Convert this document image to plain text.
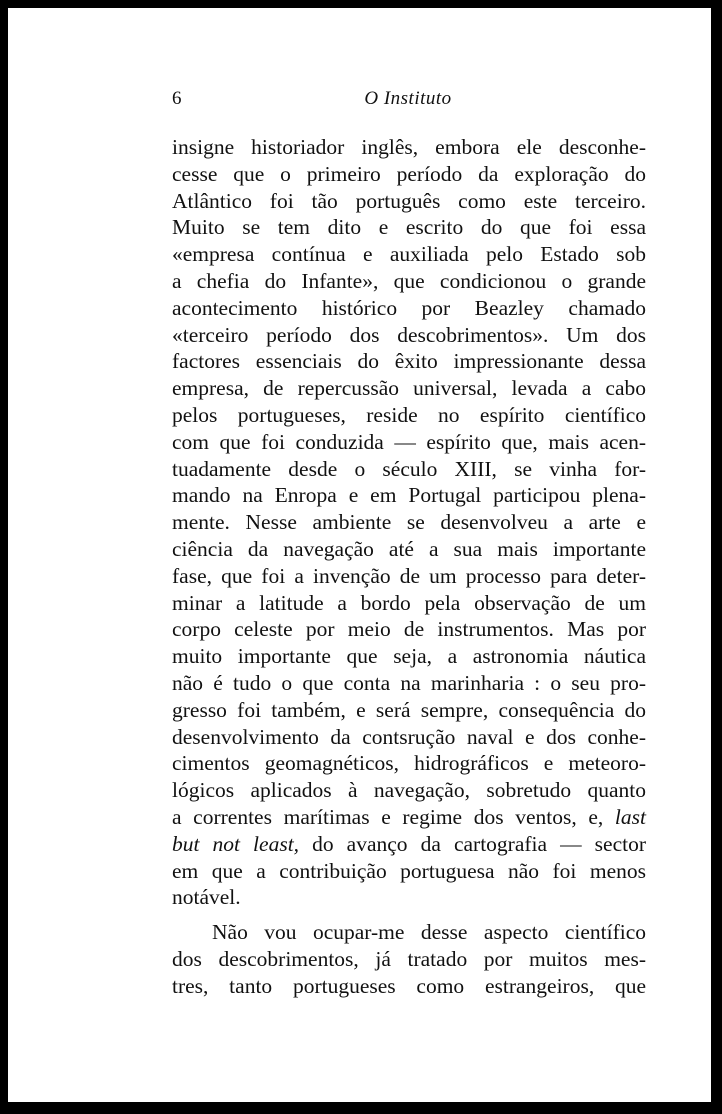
6	O Instituto
insigne historiador inglês, embora ele desconhe-
cesse que o primeiro período da exploração do
Atlântico foi tão português como este terceiro.
Muito se tem dito e escrito do que foi essa
«empresa contínua e auxiliada pelo Estado sob
a chefia do Infante», que condicionou o grande
acontecimento histórico por Beazley chamado
«terceiro período dos descobrimentos». Um dos
factores essenciais do êxito impressionante dessa
empresa, de repercussão universal, levada a cabo
pelos portugueses, reside no espírito científico
com que foi conduzida — espírito que, mais acen-
tuadamente desde o século XIII, se vinha for-
mando na Enropa e em Portugal participou plena-
mente. Nesse ambiente se desenvolveu a arte e
ciência da navegação até a sua mais importante
fase, que foi a invenção de um processo para deter-
minar a latitude a bordo pela observação de um
corpo celeste por meio de instrumentos. Mas por
muito importante que seja, a astronomia náutica
não é tudo o que conta na marinharia : o seu pro-
gresso foi também, e será sempre, consequência do
desenvolvimento da contsrução naval e dos conhe-
cimentos geomagnéticos, hidrográficos e meteoro-
lógicos aplicados à navegação, sobretudo quanto
a correntes marítimas e regime dos ventos, e, last
but not least, do avanço da cartografia — sector
em que a contribuição portuguesa não foi menos
notável.
Não vou ocupar-me desse aspecto científico
dos descobrimentos, já tratado por muitos mes-
tres, tanto portugueses como estrangeiros, que
